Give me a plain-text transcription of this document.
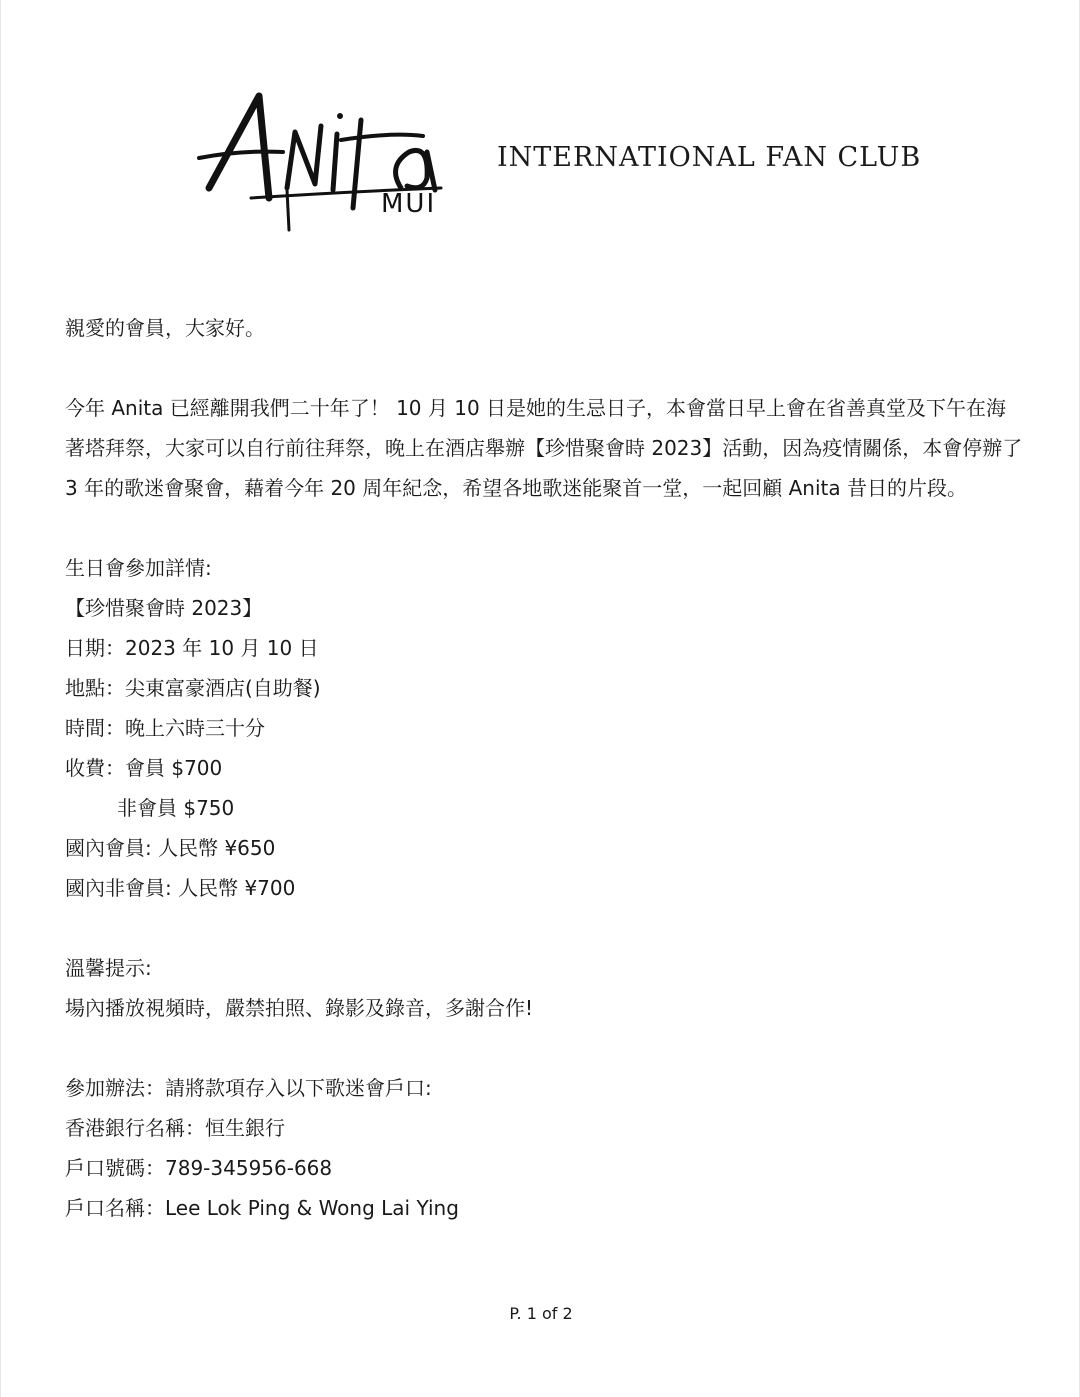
MUI
INTERNATIONAL FAN CLUB

親愛的會員，大家好。

今年 Anita 已經離開我們二十年了！ 10 月 10 日是她的生忌日子，本會當日早上會在省善真堂及下午在海著塔拜祭，大家可以自行前往拜祭，晚上在酒店舉辦【珍惜聚會時 2023】活動，因為疫情關係，本會停辦了 3 年的歌迷會聚會，藉着今年 20 周年紀念，希望各地歌迷能聚首一堂，一起回顧 Anita 昔日的片段。

生日會參加詳情:

【珍惜聚會時 2023】

日期：2023 年 10 月 10 日

地點：尖東富豪酒店(自助餐)

時間：晚上六時三十分

收費：會員 $700

非會員 $750

國內會員: 人民幣 ¥650

國內非會員: 人民幣 ¥700

溫馨提示:

場內播放視頻時，嚴禁拍照、錄影及錄音，多謝合作!

參加辦法：請將款項存入以下歌迷會戶口:

香港銀行名稱：恒生銀行

戶口號碼：789-345956-668

戶口名稱：Lee Lok Ping & Wong Lai Ying

P. 1 of 2
